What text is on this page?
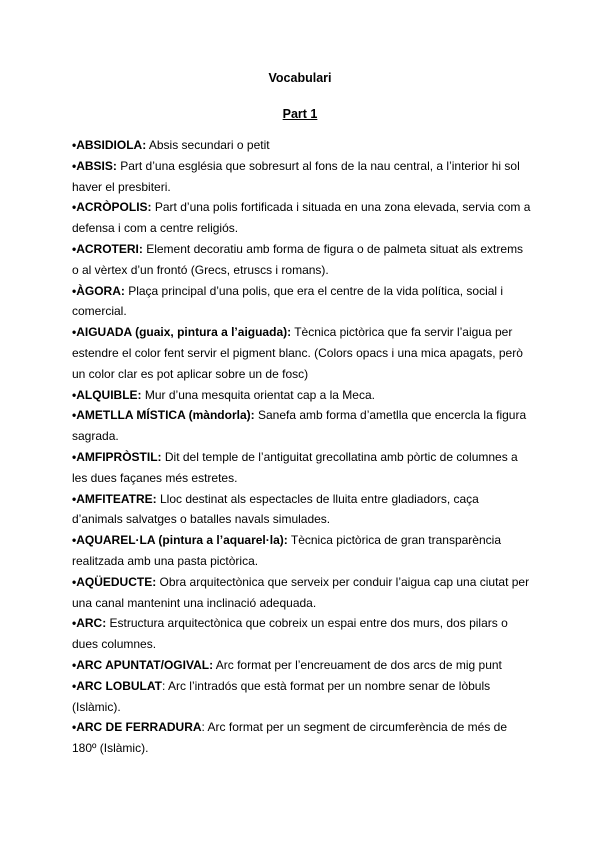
Vocabulari
Part 1

•ABSIDIOLA: Absis secundari o petit

•ABSIS: Part d’una església que sobresurt al fons de la nau central, a l’interior hi sol haver el presbiteri.

•ACRÒPOLIS: Part d’una polis fortificada i situada en una zona elevada, servia com a defensa i com a centre religiós.

•ACROTERI: Element decoratiu amb forma de figura o de palmeta situat als extrems o al vèrtex d’un frontó (Grecs, etruscs i romans).

•ÀGORA: Plaça principal d’una polis, que era el centre de la vida política, social i comercial.

•AIGUADA (guaix, pintura a l’aiguada): Tècnica pictòrica que fa servir l’aigua per estendre el color fent servir el pigment blanc. (Colors opacs i una mica apagats, però un color clar es pot aplicar sobre un de fosc)

•ALQUIBLE: Mur d’una mesquita orientat cap a la Meca.

•AMETLLA MÍSTICA (màndorla): Sanefa amb forma d’ametlla que encercla la figura sagrada.

•AMFIPRÒSTIL: Dit del temple de l’antiguitat grecollatina amb pòrtic de columnes a les dues façanes més estretes.

•AMFITEATRE: Lloc destinat als espectacles de lluita entre gladiadors, caça d’animals salvatges o batalles navals simulades.

•AQUAREL·LA (pintura a l’aquarel·la): Tècnica pictòrica de gran transparència realitzada amb una pasta pictòrica.

•AQÜEDUCTE: Obra arquitectònica que serveix per conduir l’aigua cap una ciutat per una canal mantenint una inclinació adequada.

•ARC: Estructura arquitectònica que cobreix un espai entre dos murs, dos pilars o dues columnes.

•ARC APUNTAT/OGIVAL: Arc format per l’encreuament de dos arcs de mig punt

•ARC LOBULAT: Arc l’intradós que està format per un nombre senar de lòbuls (Islàmic).

•ARC DE FERRADURA: Arc format per un segment de circumferència de més de 180º (Islàmic).
